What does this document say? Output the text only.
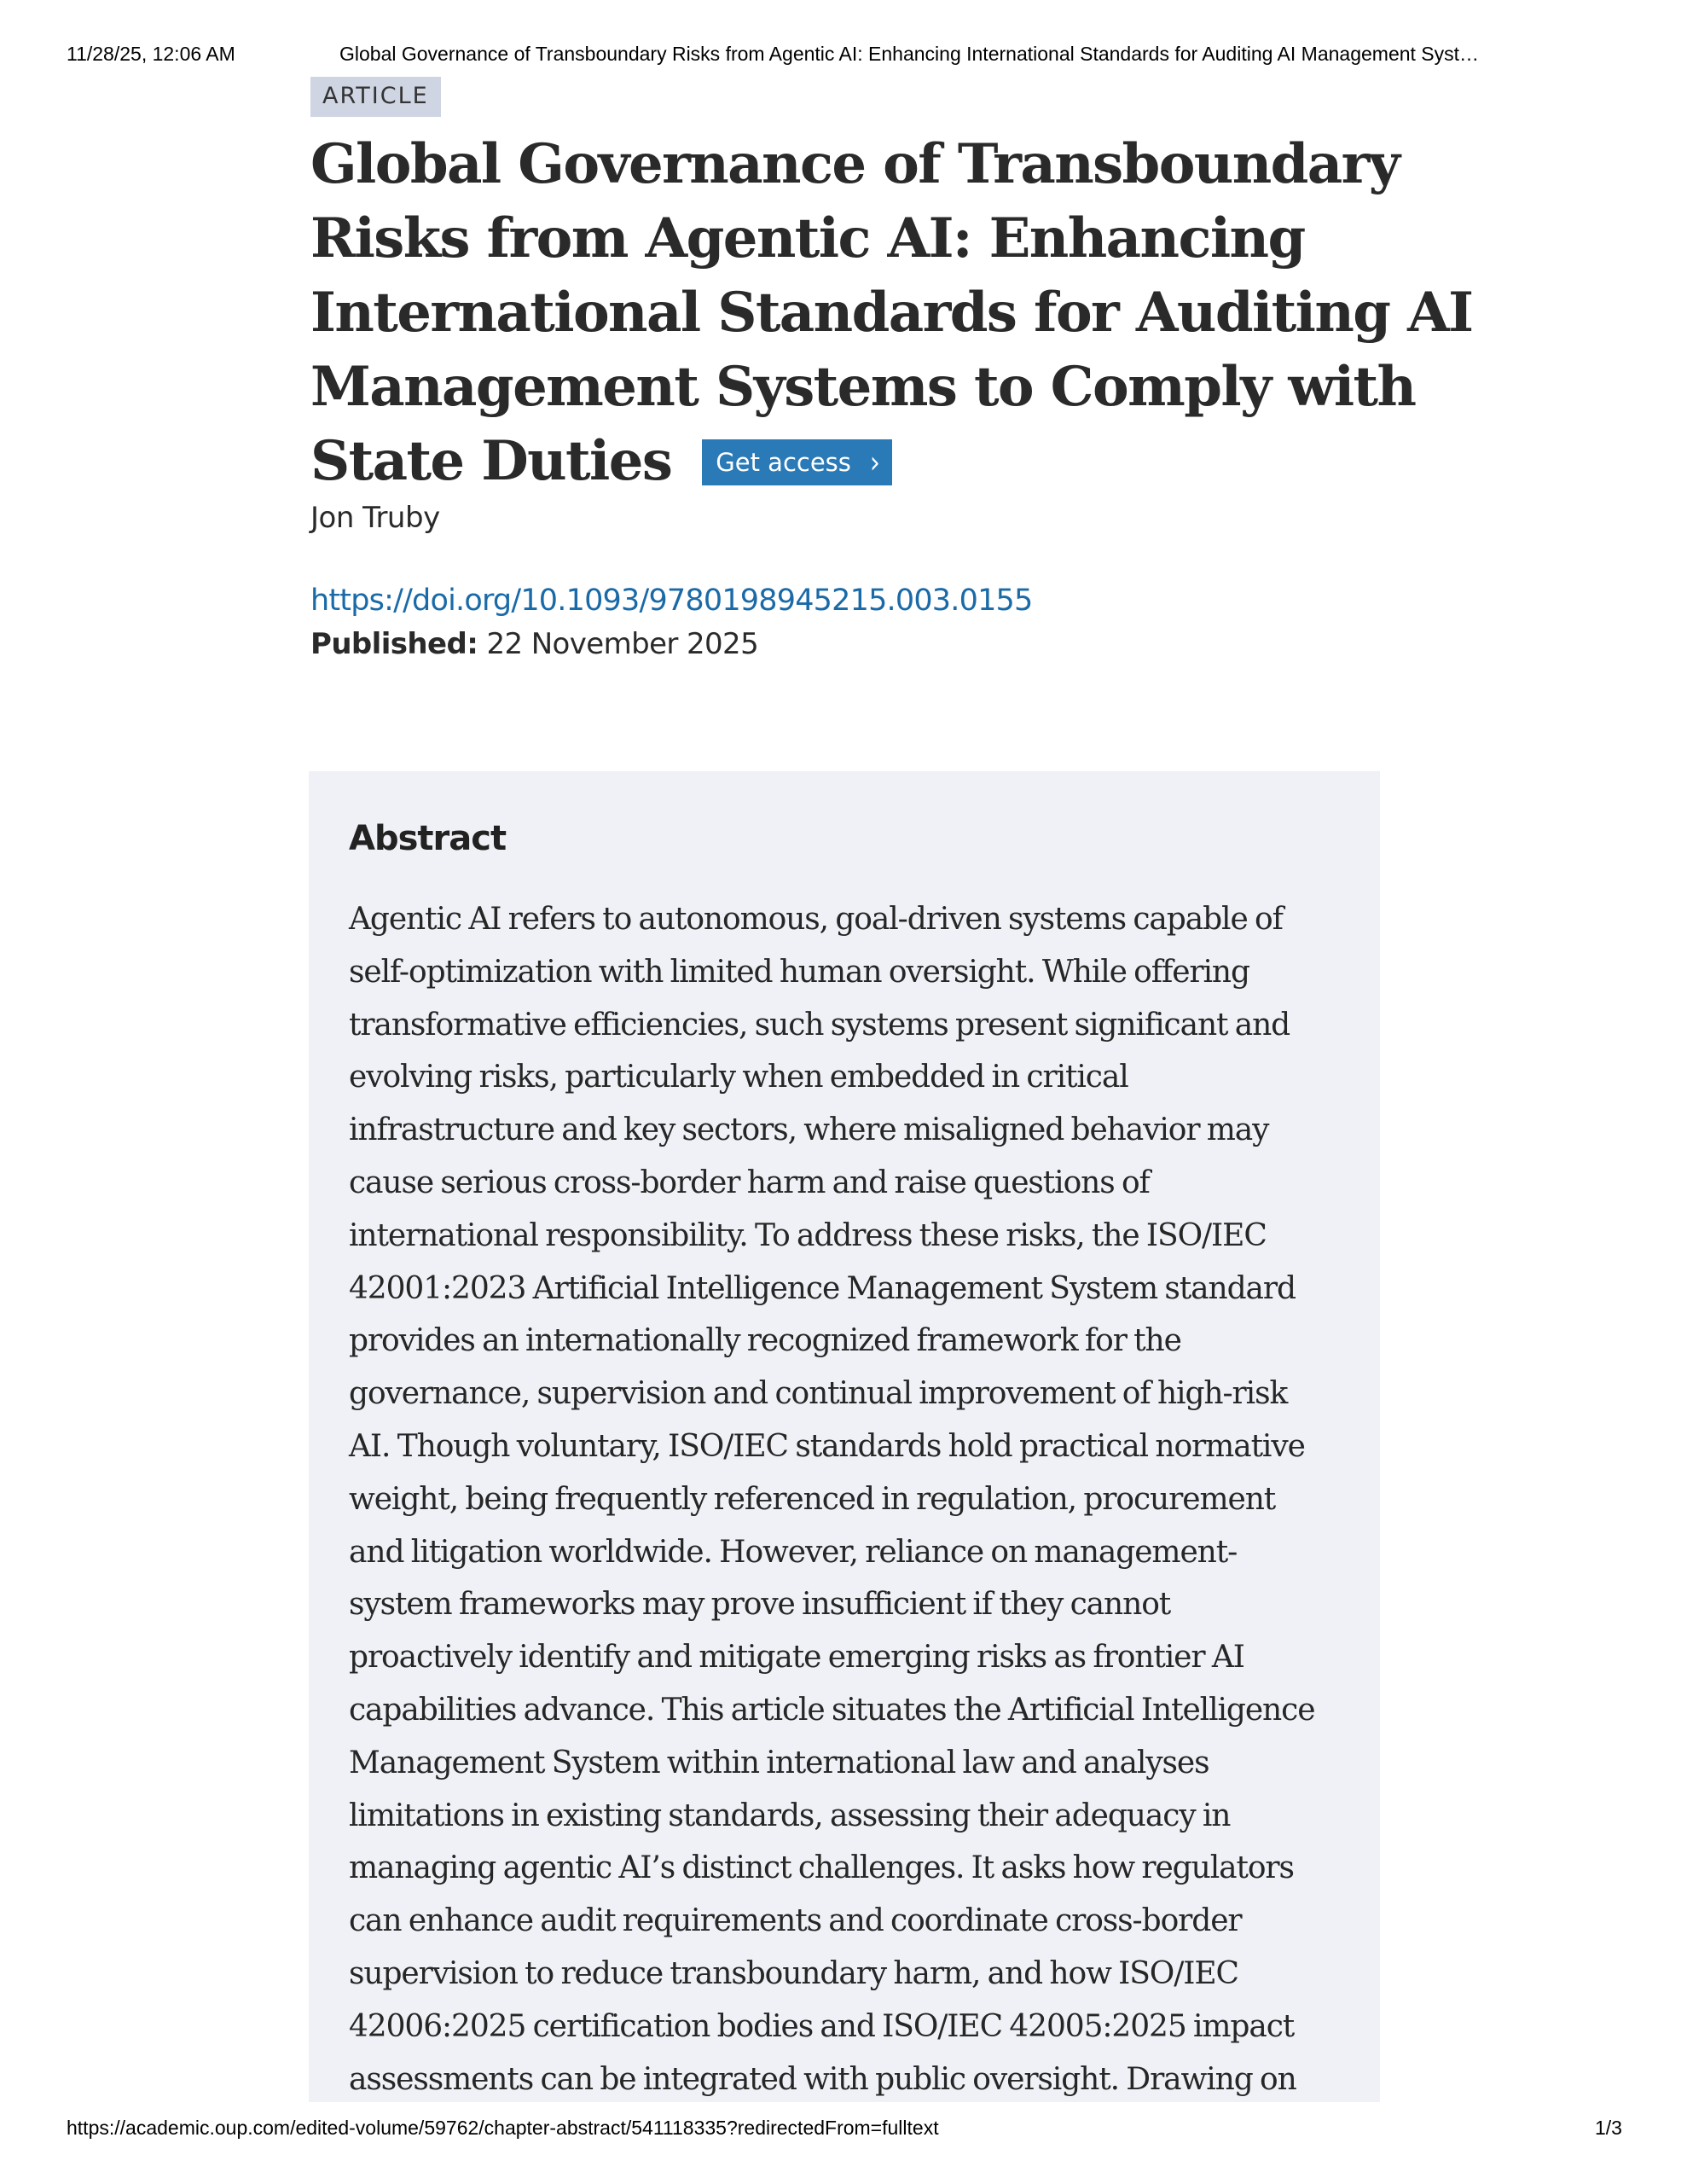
11/28/25, 12:06 AM	Global Governance of Transboundary Risks from Agentic AI: Enhancing International Standards for Auditing AI Management Syst…
ARTICLE
Global Governance of Transboundary
Risks from Agentic AI: Enhancing
International Standards for Auditing AI
Management Systems to Comply with
State Duties Get access ›
Jon Truby
https://doi.org/10.1093/9780198945215.003.0155
Published: 22 November 2025
Abstract
Agentic AI refers to autonomous, goal-driven systems capable of
self-optimization with limited human oversight. While offering
transformative efficiencies, such systems present significant and
evolving risks, particularly when embedded in critical
infrastructure and key sectors, where misaligned behavior may
cause serious cross-border harm and raise questions of
international responsibility. To address these risks, the ISO/IEC
42001:2023 Artificial Intelligence Management System standard
provides an internationally recognized framework for the
governance, supervision and continual improvement of high-risk
AI. Though voluntary, ISO/IEC standards hold practical normative
weight, being frequently referenced in regulation, procurement
and litigation worldwide. However, reliance on management-
system frameworks may prove insufficient if they cannot
proactively identify and mitigate emerging risks as frontier AI
capabilities advance. This article situates the Artificial Intelligence
Management System within international law and analyses
limitations in existing standards, assessing their adequacy in
managing agentic AI’s distinct challenges. It asks how regulators
can enhance audit requirements and coordinate cross-border
supervision to reduce transboundary harm, and how ISO/IEC
42006:2025 certification bodies and ISO/IEC 42005:2025 impact
assessments can be integrated with public oversight. Drawing on
https://academic.oup.com/edited-volume/59762/chapter-abstract/541118335?redirectedFrom=fulltext	1/3
